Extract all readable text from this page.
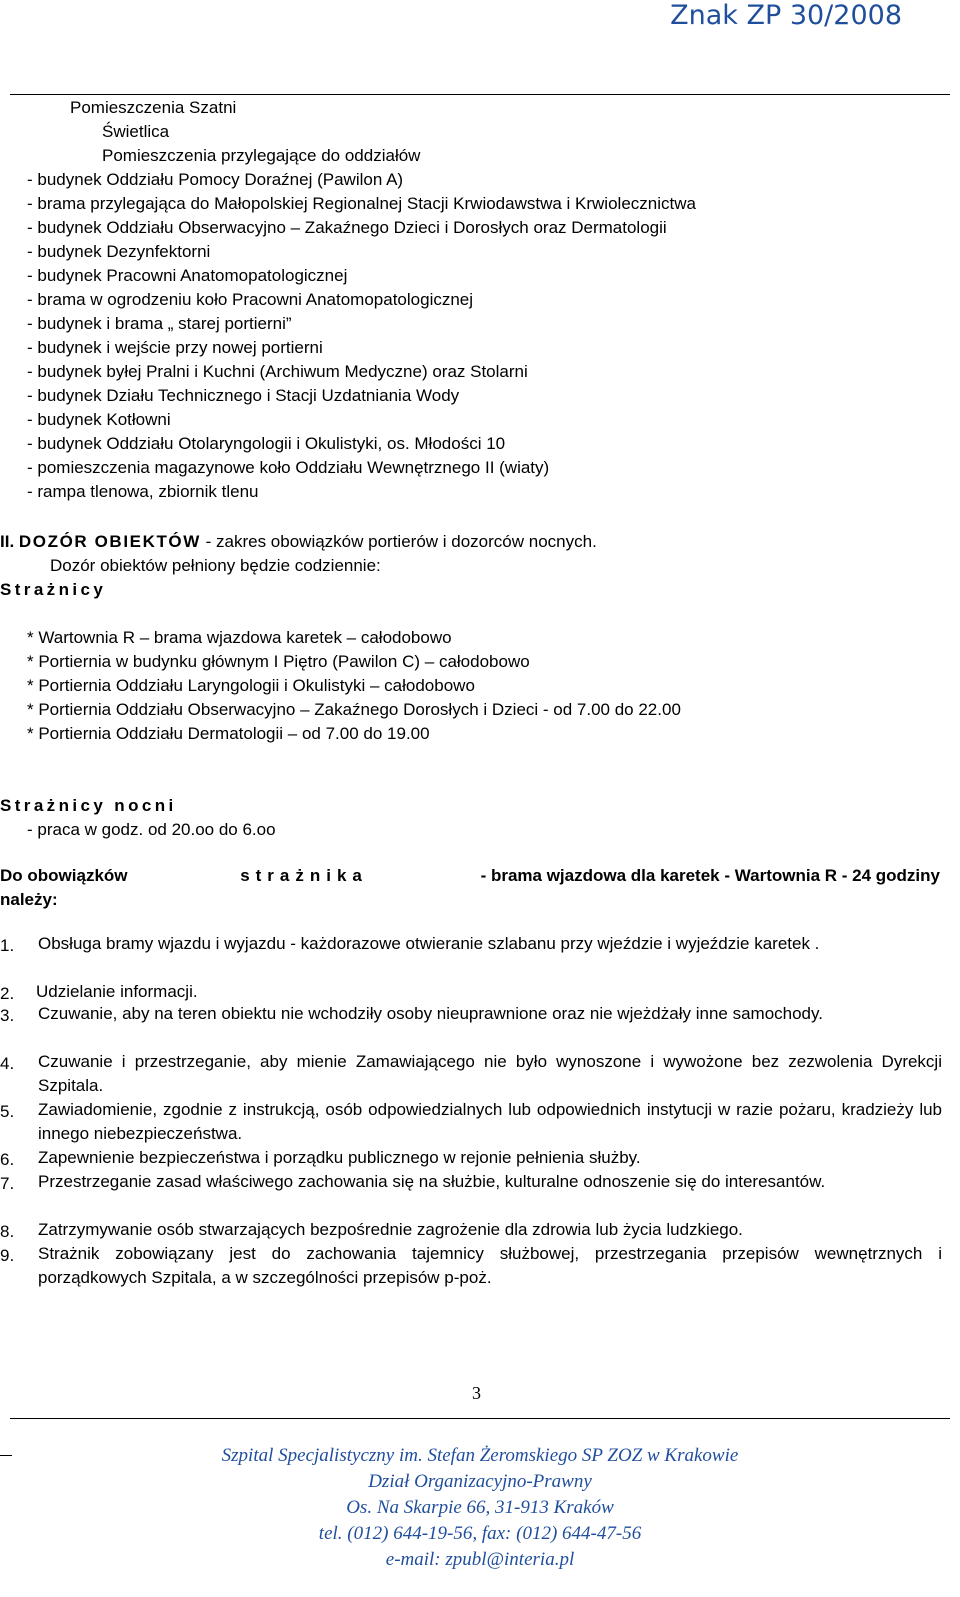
Znak ZP 30/2008
Pomieszczenia Szatni
Świetlica
Pomieszczenia przylegające do oddziałów
- budynek Oddziału Pomocy Doraźnej (Pawilon A)
- brama przylegająca do Małopolskiej Regionalnej Stacji Krwiodawstwa i Krwiolecznictwa
- budynek Oddziału Obserwacyjno – Zakaźnego Dzieci i Dorosłych oraz Dermatologii
- budynek Dezynfektorni
- budynek Pracowni Anatomopatologicznej
- brama w ogrodzeniu koło Pracowni Anatomopatologicznej
- budynek i brama „ starej portierni”
- budynek i wejście przy nowej portierni
- budynek byłej Pralni i Kuchni (Archiwum Medyczne) oraz Stolarni
- budynek Działu Technicznego i Stacji Uzdatniania Wody
- budynek Kotłowni
- budynek Oddziału Otolaryngologii i Okulistyki, os. Młodości 10
- pomieszczenia magazynowe koło Oddziału Wewnętrznego II (wiaty)
- rampa tlenowa, zbiornik tlenu
II. DOZÓR OBIEKTÓW - zakres obowiązków portierów i dozorców nocnych.
Dozór obiektów pełniony będzie codziennie:
Strażnicy
* Wartownia R – brama wjazdowa karetek – całodobowo
* Portiernia w budynku głównym I Piętro (Pawilon C) – całodobowo
* Portiernia Oddziału Laryngologii i Okulistyki – całodobowo
* Portiernia Oddziału Obserwacyjno – Zakaźnego Dorosłych i Dzieci - od 7.00 do 22.00
* Portiernia Oddziału Dermatologii – od 7.00 do 19.00
Strażnicy nocni
- praca w godz. od 20.oo do 6.oo
Do obowiązków	strażnika	- brama wjazdowa dla karetek - Wartownia R - 24 godziny
należy:
1. Obsługa bramy wjazdu i wyjazdu - każdorazowe otwieranie szlabanu przy wjeździe i wyjeździe karetek .
2. Udzielanie informacji.
3. Czuwanie, aby na teren obiektu nie wchodziły osoby nieuprawnione oraz nie wjeżdżały inne samochody.
4. Czuwanie i przestrzeganie, aby mienie Zamawiającego nie było wynoszone i wywożone bez zezwolenia Dyrekcji Szpitala.
5. Zawiadomienie, zgodnie z instrukcją, osób odpowiedzialnych lub odpowiednich instytucji w razie pożaru, kradzieży lub innego niebezpieczeństwa.
6. Zapewnienie bezpieczeństwa i porządku publicznego w rejonie pełnienia służby.
7. Przestrzeganie zasad właściwego zachowania się na służbie, kulturalne odnoszenie się do interesantów.
8. Zatrzymywanie osób stwarzających bezpośrednie zagrożenie dla zdrowia lub życia ludzkiego.
9. Strażnik zobowiązany jest do zachowania tajemnicy służbowej, przestrzegania przepisów wewnętrznych i porządkowych Szpitala, a w szczególności przepisów p-poż.
3
Szpital Specjalistyczny im. Stefan Żeromskiego SP ZOZ w Krakowie
Dział Organizacyjno-Prawny
Os. Na Skarpie 66, 31-913 Kraków
tel. (012) 644-19-56, fax: (012) 644-47-56
e-mail: zpubl@interia.pl
